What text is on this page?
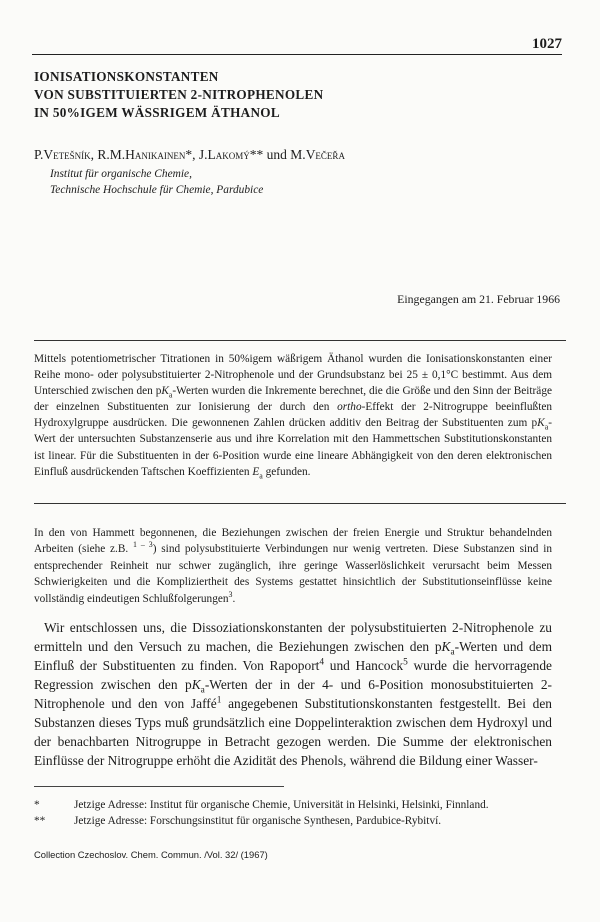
1027
IONISATIONSKONSTANTEN
VON SUBSTITUIERTEN 2-NITROPHENOLEN
IN 50%IGEM WÄSSRIGEM ÄTHANOL
P.Vetešník, R.M.Hanikainen*, J.Lakomý** und M.Večeřa
Institut für organische Chemie,
Technische Hochschule für Chemie, Pardubice
Eingegangen am 21. Februar 1966
Mittels potentiometrischer Titrationen in 50%igem wäßrigem Äthanol wurden die Ionisationskonstanten einer Reihe mono- oder polysubstituierter 2-Nitrophenole und der Grundsubstanz bei 25 ± 0,1°C bestimmt. Aus dem Unterschied zwischen den $pK_a$-Werten wurden die Inkremente berechnet, die die Größe und den Sinn der Beiträge der einzelnen Substituenten zur Ionisierung der durch den ortho-Effekt der 2-Nitrogruppe beeinflußten Hydroxylgruppe ausdrücken. Die gewonnenen Zahlen drücken additiv den Beitrag der Substituenten zum $pK_a$-Wert der untersuchten Substanzenserie aus und ihre Korrelation mit den Hammettschen Substitutionskonstanten ist linear. Für die Substituenten in der 6-Position wurde eine lineare Abhängigkeit von den deren elektronischen Einfluß ausdrückenden Taftschen Koeffizienten $E_a$ gefunden.
In den von Hammett begonnenen, die Beziehungen zwischen der freien Energie und Struktur behandelnden Arbeiten (siehe z.B. $^{1 - 3}$) sind polysubstituierte Verbindungen nur wenig vertreten. Diese Substanzen sind in entsprechender Reinheit nur schwer zugänglich, ihre geringe Wasserlöslichkeit verursacht beim Messen Schwierigkeiten und die Kompliziertheit des Systems gestattet hinsichtlich der Substitutionseinflüsse keine vollständig eindeutigen Schlußfolgerungen$^3$.
Wir entschlossen uns, die Dissoziationskonstanten der polysubstituierten 2-Nitrophenole zu ermitteln und den Versuch zu machen, die Beziehungen zwischen den $pK_a$-Werten und dem Einfluß der Substituenten zu finden. Von Rapoport$^4$ und Hancock$^5$ wurde die hervorragende Regression zwischen den $pK_a$-Werten der in der 4- und 6-Position monosubstituierten 2-Nitrophenole und den von Jaffé$^1$ angegebenen Substitutionskonstanten festgestellt. Bei den Substanzen dieses Typs muß grundsätzlich eine Doppelinteraktion zwischen dem Hydroxyl und der benachbarten Nitrogruppe in Betracht gezogen werden. Die Summe der elektronischen Einflüsse der Nitrogruppe erhöht die Azidität des Phenols, während die Bildung einer Wasser-
*	Jetzige Adresse: Institut für organische Chemie, Universität in Helsinki, Helsinki, Finnland.
**	Jetzige Adresse: Forschungsinstitut für organische Synthesen, Pardubice-Rybitví.
Collection Czechoslov. Chem. Commun. /Vol. 32/ (1967)
